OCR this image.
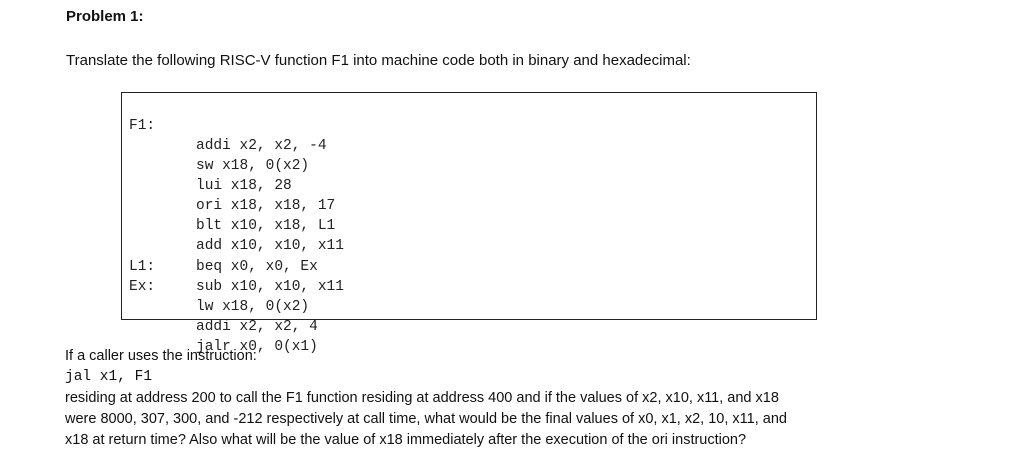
Problem 1:
Translate the following RISC-V function F1 into machine code both in binary and hexadecimal:

F1:

addi x2, x2, -4

sw x18, 0(x2)

lui x18, 28

ori x18, x18, 17

blt x10, x18, L1

add x10, x10, x11

beq x0, x0, Ex

L1:

sub x10, x10, x11

Ex:

lw x18, 0(x2)

addi x2, x2, 4

jalr x0, 0(x1)

If a caller uses the instruction:
jal x1, F1
residing at address 200 to call the F1 function residing at address 400 and if the values of x2, x10, x11, and x18
were 8000, 307, 300, and -212 respectively at call time, what would be the final values of x0, x1, x2, 10, x11, and
x18 at return time? Also what will be the value of x18 immediately after the execution of the ori instruction?
